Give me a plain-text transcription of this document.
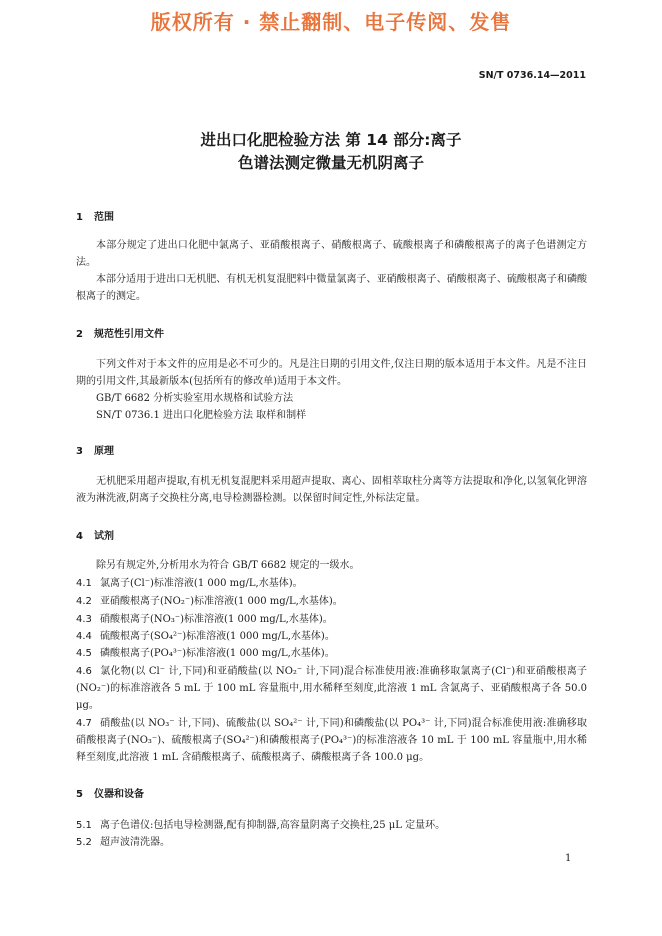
版权所有 · 禁止翻制、电子传阅、发售
SN/T 0736.14—2011
进出口化肥检验方法 第 14 部分:离子
色谱法测定微量无机阴离子
1 范围

本部分规定了进出口化肥中氯离子、亚硝酸根离子、硝酸根离子、硫酸根离子和磷酸根离子的离子色谱测定方法。

本部分适用于进出口无机肥、有机无机复混肥料中微量氯离子、亚硝酸根离子、硝酸根离子、硫酸根离子和磷酸根离子的测定。

2 规范性引用文件

下列文件对于本文件的应用是必不可少的。凡是注日期的引用文件,仅注日期的版本适用于本文件。凡是不注日期的引用文件,其最新版本(包括所有的修改单)适用于本文件。

GB/T 6682 分析实验室用水规格和试验方法

SN/T 0736.1 进出口化肥检验方法 取样和制样

3 原理

无机肥采用超声提取,有机无机复混肥料采用超声提取、离心、固相萃取柱分离等方法提取和净化,以氢氧化钾溶液为淋洗液,阴离子交换柱分离,电导检测器检测。以保留时间定性,外标法定量。

4 试剂

除另有规定外,分析用水为符合 GB/T 6682 规定的一级水。

4.1 氯离子(Cl⁻)标准溶液(1 000 mg/L,水基体)。
4.2 亚硝酸根离子(NO₂⁻)标准溶液(1 000 mg/L,水基体)。
4.3 硝酸根离子(NO₃⁻)标准溶液(1 000 mg/L,水基体)。
4.4 硫酸根离子(SO₄²⁻)标准溶液(1 000 mg/L,水基体)。
4.5 磷酸根离子(PO₄³⁻)标准溶液(1 000 mg/L,水基体)。
4.6 氯化物(以 Cl⁻ 计,下同)和亚硝酸盐(以 NO₂⁻ 计,下同)混合标准使用液:准确移取氯离子(Cl⁻)和亚硝酸根离子(NO₂⁻)的标准溶液各 5 mL 于 100 mL 容量瓶中,用水稀释至刻度,此溶液 1 mL 含氯离子、亚硝酸根离子各 50.0 μg。
4.7 硝酸盐(以 NO₃⁻ 计,下同)、硫酸盐(以 SO₄²⁻ 计,下同)和磷酸盐(以 PO₄³⁻ 计,下同)混合标准使用液:准确移取硝酸根离子(NO₃⁻)、硫酸根离子(SO₄²⁻)和磷酸根离子(PO₄³⁻)的标准溶液各 10 mL 于 100 mL 容量瓶中,用水稀释至刻度,此溶液 1 mL 含硝酸根离子、硫酸根离子、磷酸根离子各 100.0 μg。
5 仪器和设备
5.1 离子色谱仪:包括电导检测器,配有抑制器,高容量阴离子交换柱,25 μL 定量环。
5.2 超声波清洗器。
1
